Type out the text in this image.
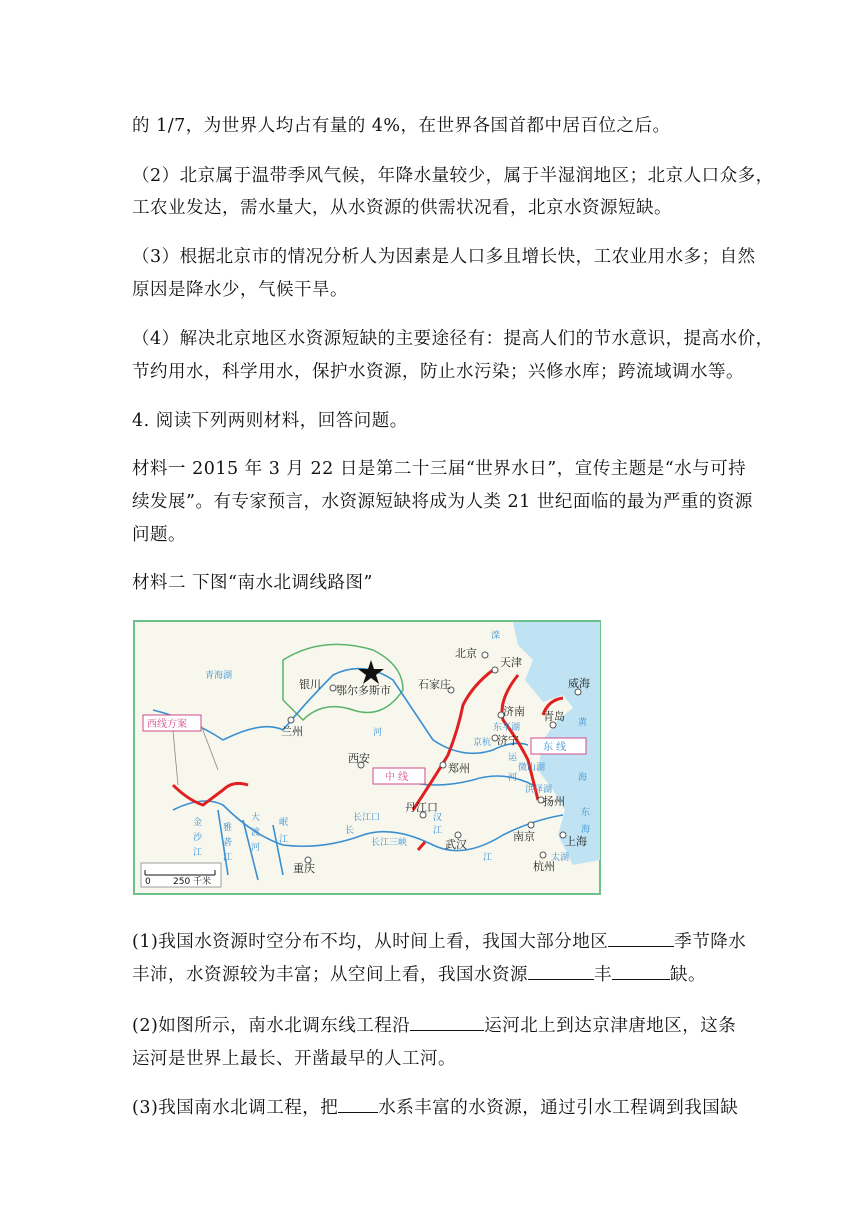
的 1/7，为世界人均占有量的 4%，在世界各国首都中居百位之后。
（2）北京属于温带季风气候，年降水量较少，属于半湿润地区；北京人口众多，
工农业发达，需水量大，从水资源的供需状况看，北京水资源短缺。
（3）根据北京市的情况分析人为因素是人口多且增长快，工农业用水多；自然
原因是降水少，气候干旱。
（4）解决北京地区水资源短缺的主要途径有：提高人们的节水意识，提高水价，
节约用水，科学用水，保护水资源，防止水污染；兴修水库；跨流域调水等。
4. 阅读下列两则材料，回答问题。
材料一 2015 年 3 月 22 日是第二十三届“世界水日”，宣传主题是“水与可持
续发展”。有专家预言，水资源短缺将成为人类 21 世纪面临的最为严重的资源
问题。
材料二 下图“南水北调线路图”
北京
天津
石家庄
银川 鄂尔多斯市
兰州
西安
郑州
济南
济宁
威海
青岛
丹江口	扬州
南京	上海
杭州
武汉
重庆
青海湖
河
金
沙
江
雅
砻
江
大
渡
河
岷
江
长
江
汉
江
长江三峡
长江口
黄
海
东
海
运
河
东平湖
微山湖
洪泽湖
滦
京杭
太湖
西线方案
中 线
东 线
0 250 千米
(1)我国水资源时空分布不均，从时间上看，我国大部分地区	季节降水
丰沛，水资源较为丰富；从空间上看，我国水资源	丰	缺。
(2)如图所示，南水北调东线工程沿	运河北上到达京津唐地区，这条
运河是世界上最长、开凿最早的人工河。
(3)我国南水北调工程，把 水系丰富的水资源，通过引水工程调到我国缺
